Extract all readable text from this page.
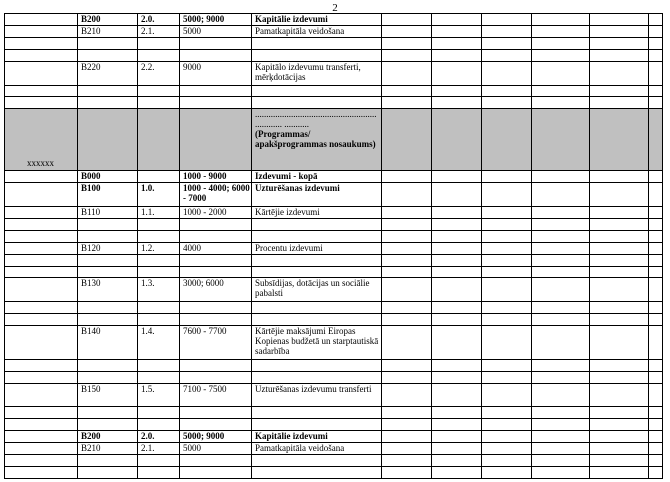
2
	B200	2.0.	5000; 9000	Kapitālie izdevumi						
	B210	2.1.	5000	Pamatkapitāla veidošana						

	B220	2.2.	9000	Kapitālo izdevumu transferti, mērķdotācijas						

xxxxxx				......................................................
............ ...........
(Programmas/ apakšprogrammas nosaukums)						
	B000		1000 - 9000	Izdevumi - kopā						
	B100	1.0.	1000 - 4000; 6000 - 7000	Uzturēšanas izdevumi						
	B110	1.1.	1000 - 2000	Kārtējie izdevumi						

	B120	1.2.	4000	Procentu izdevumi						

	B130	1.3.	3000; 6000	Subsīdijas, dotācijas un sociālie pabalsti						

	B140	1.4.	7600 - 7700	Kārtējie maksājumi Eiropas Kopienas budžetā un starptautiskā sadarbība						

	B150	1.5.	7100 - 7500	Uzturēšanas izdevumu transferti						

	B200	2.0.	5000; 9000	Kapitālie izdevumi						
	B210	2.1.	5000	Pamatkapitāla veidošana						
